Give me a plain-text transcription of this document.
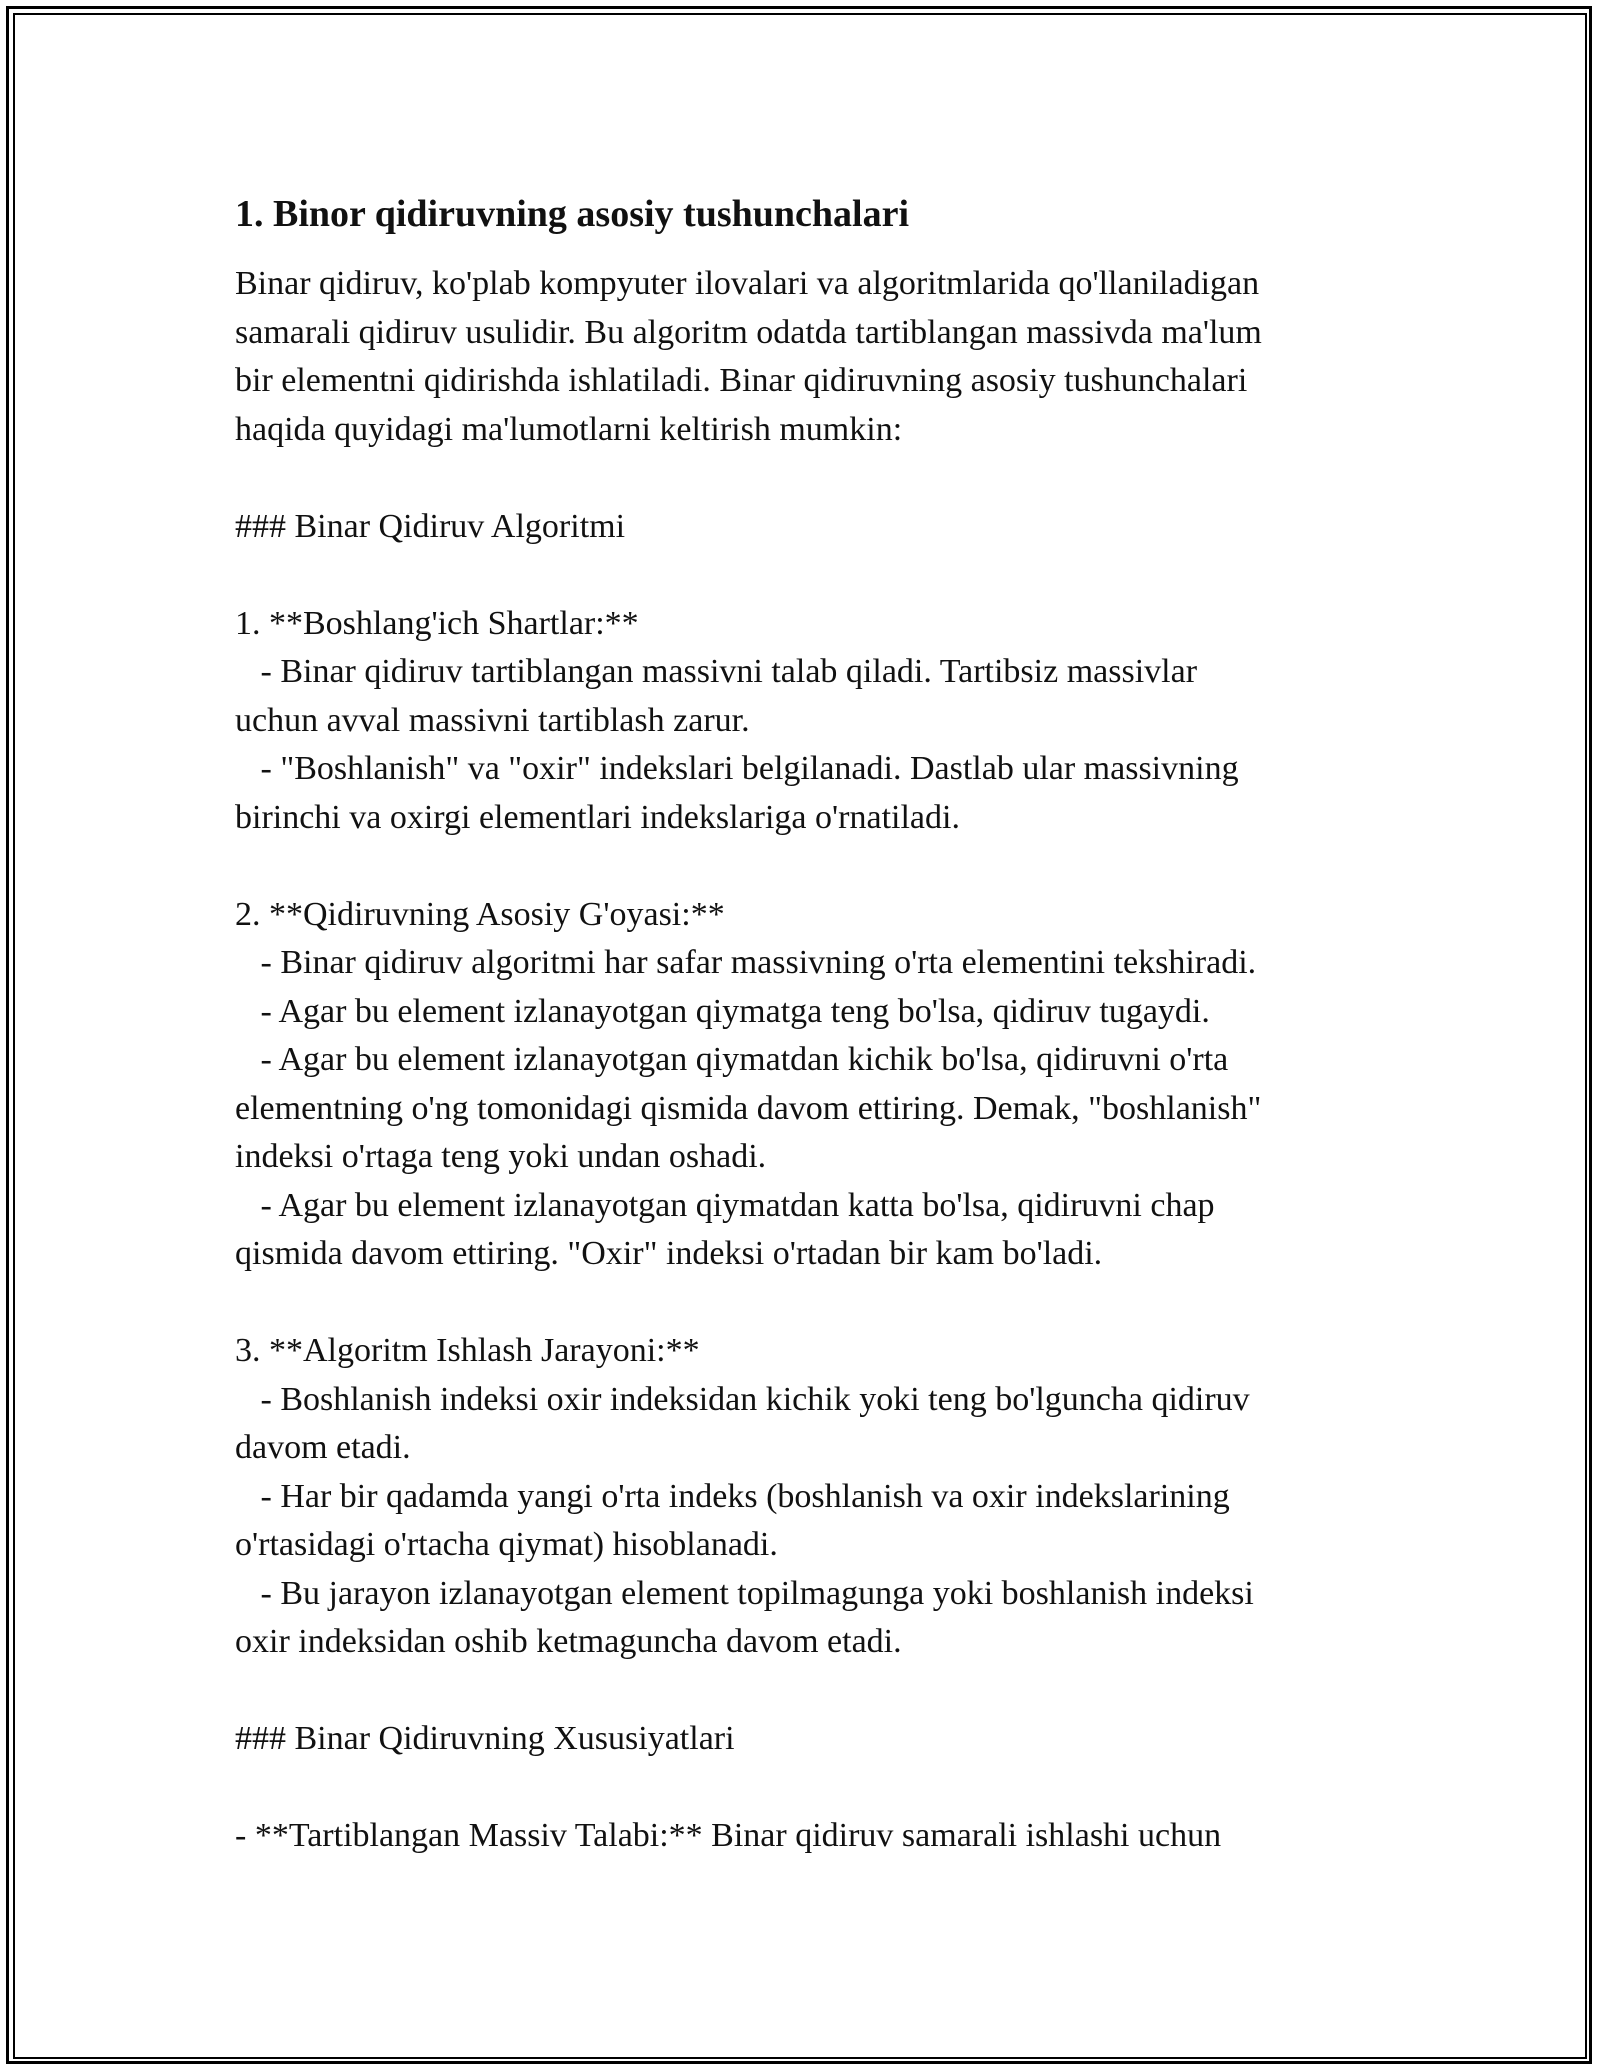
1. Binor qidiruvning asosiy tushunchalari

Binar qidiruv, ko'plab kompyuter ilovalari va algoritmlarida qo'llaniladigan
samarali qidiruv usulidir. Bu algoritm odatda tartiblangan massivda ma'lum
bir elementni qidirishda ishlatiladi. Binar qidiruvning asosiy tushunchalari
haqida quyidagi ma'lumotlarni keltirish mumkin:

### Binar Qidiruv Algoritmi

1. **Boshlang'ich Shartlar:**
- Binar qidiruv tartiblangan massivni talab qiladi. Tartibsiz massivlar
uchun avval massivni tartiblash zarur.
- "Boshlanish" va "oxir" indekslari belgilanadi. Dastlab ular massivning
birinchi va oxirgi elementlari indekslariga o'rnatiladi.

2. **Qidiruvning Asosiy G'oyasi:**
- Binar qidiruv algoritmi har safar massivning o'rta elementini tekshiradi.
- Agar bu element izlanayotgan qiymatga teng bo'lsa, qidiruv tugaydi.
- Agar bu element izlanayotgan qiymatdan kichik bo'lsa, qidiruvni o'rta
elementning o'ng tomonidagi qismida davom ettiring. Demak, "boshlanish"
indeksi o'rtaga teng yoki undan oshadi.
- Agar bu element izlanayotgan qiymatdan katta bo'lsa, qidiruvni chap
qismida davom ettiring. "Oxir" indeksi o'rtadan bir kam bo'ladi.

3. **Algoritm Ishlash Jarayoni:**
- Boshlanish indeksi oxir indeksidan kichik yoki teng bo'lguncha qidiruv
davom etadi.
- Har bir qadamda yangi o'rta indeks (boshlanish va oxir indekslarining
o'rtasidagi o'rtacha qiymat) hisoblanadi.
- Bu jarayon izlanayotgan element topilmagunga yoki boshlanish indeksi
oxir indeksidan oshib ketmaguncha davom etadi.

### Binar Qidiruvning Xususiyatlari

- **Tartiblangan Massiv Talabi:** Binar qidiruv samarali ishlashi uchun
